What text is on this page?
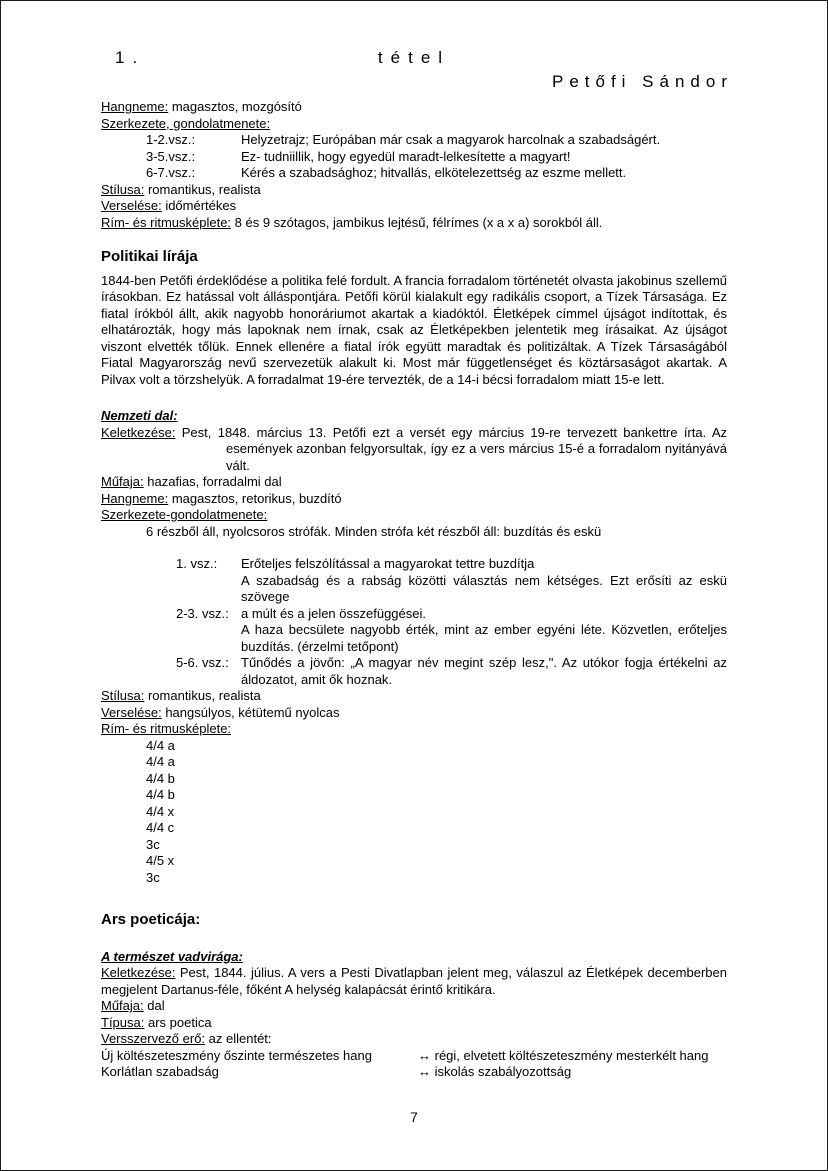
1.	tétel
Petőfi Sándor
Hangneme: magasztos, mozgósító
Szerkezete, gondolatmenete:
1-2.vsz.:	Helyzetrajz; Európában már csak a magyarok harcolnak a szabadságért.
3-5.vsz.:	Ez- tudniillik, hogy egyedül maradt-lelkesítette a magyart!
6-7.vsz.:	Kérés a szabadsághoz; hitvallás, elkötelezettség az eszme mellett.
Stílusa: romantikus, realista
Verselése: időmértékes
Rím- és ritmusképlete: 8 és 9 szótagos, jambikus lejtésű, félrímes (x a x a) sorokból áll.
Politikai lírája

1844-ben Petőfi érdeklődése a politika felé fordult. A francia forradalom történetét olvasta jakobinus szellemű írásokban. Ez hatással volt álláspontjára. Petőfi körül kialakult egy radikális csoport, a Tízek Társasága. Ez fiatal írókból állt, akik nagyobb honoráriumot akartak a kiadóktól. Életképek címmel újságot indítottak, és elhatározták, hogy más lapoknak nem írnak, csak az Életképekben jelentetik meg írásaikat. Az újságot viszont elvették tőlük. Ennek ellenére a fiatal írók együtt maradtak és politizáltak. A Tízek Társaságából Fiatal Magyarország nevű szervezetük alakult ki. Most már függetlenséget és köztársaságot akartak. A Pilvax volt a törzshelyük. A forradalmat 19-ére tervezték, de a 14-i bécsi forradalom miatt 15-e lett.

Nemzeti dal:
Keletkezése: Pest, 1848. március 13. Petőfi ezt a versét egy március 19-re tervezett bankettre írta. Az események azonban felgyorsultak, így ez a vers március 15-é a forradalom nyitányává vált.
Műfaja: hazafias, forradalmi dal
Hangneme: magasztos, retorikus, buzdító
Szerkezete-gondolatmenete:
6 részből áll, nyolcsoros strófák. Minden strófa két részből áll: buzdítás és eskü
1. vsz.:	Erőteljes felszólítással a magyarokat tettre buzdítja
A szabadság és a rabság közötti választás nem kétséges. Ezt erősíti az eskü szövege
2-3. vsz.: a múlt és a jelen összefüggései.
A haza becsülete nagyobb érték, mint az ember egyéni léte. Közvetlen, erőteljes buzdítás. (érzelmi tetőpont)
5-6. vsz.: Tűnődés a jövőn: „A magyar név megint szép lesz,". Az utókor fogja értékelni az áldozatot, amit ők hoznak.
Stílusa: romantikus, realista
Verselése: hangsúlyos, kétütemű nyolcas
Rím- és ritmusképlete:
4/4 a
4/4 a
4/4 b
4/4 b
4/4 x
4/4 c
3c
4/5 x
3c
Ars poeticája:
A természet vadvirága:
Keletkezése: Pest, 1844. július. A vers a Pesti Divatlapban jelent meg, válaszul az Életképek decemberben megjelent Dartanus-féle, főként A helység kalapácsát érintő kritikára.
Műfaja: dal
Típusa: ars poetica
Versszervező erő: az ellentét:
Új költészeteszmény őszinte természetes hang	↔ régi, elvetett költészeteszmény mesterkélt hang
Korlátlan szabadság	↔ iskolás szabályozottság
7
